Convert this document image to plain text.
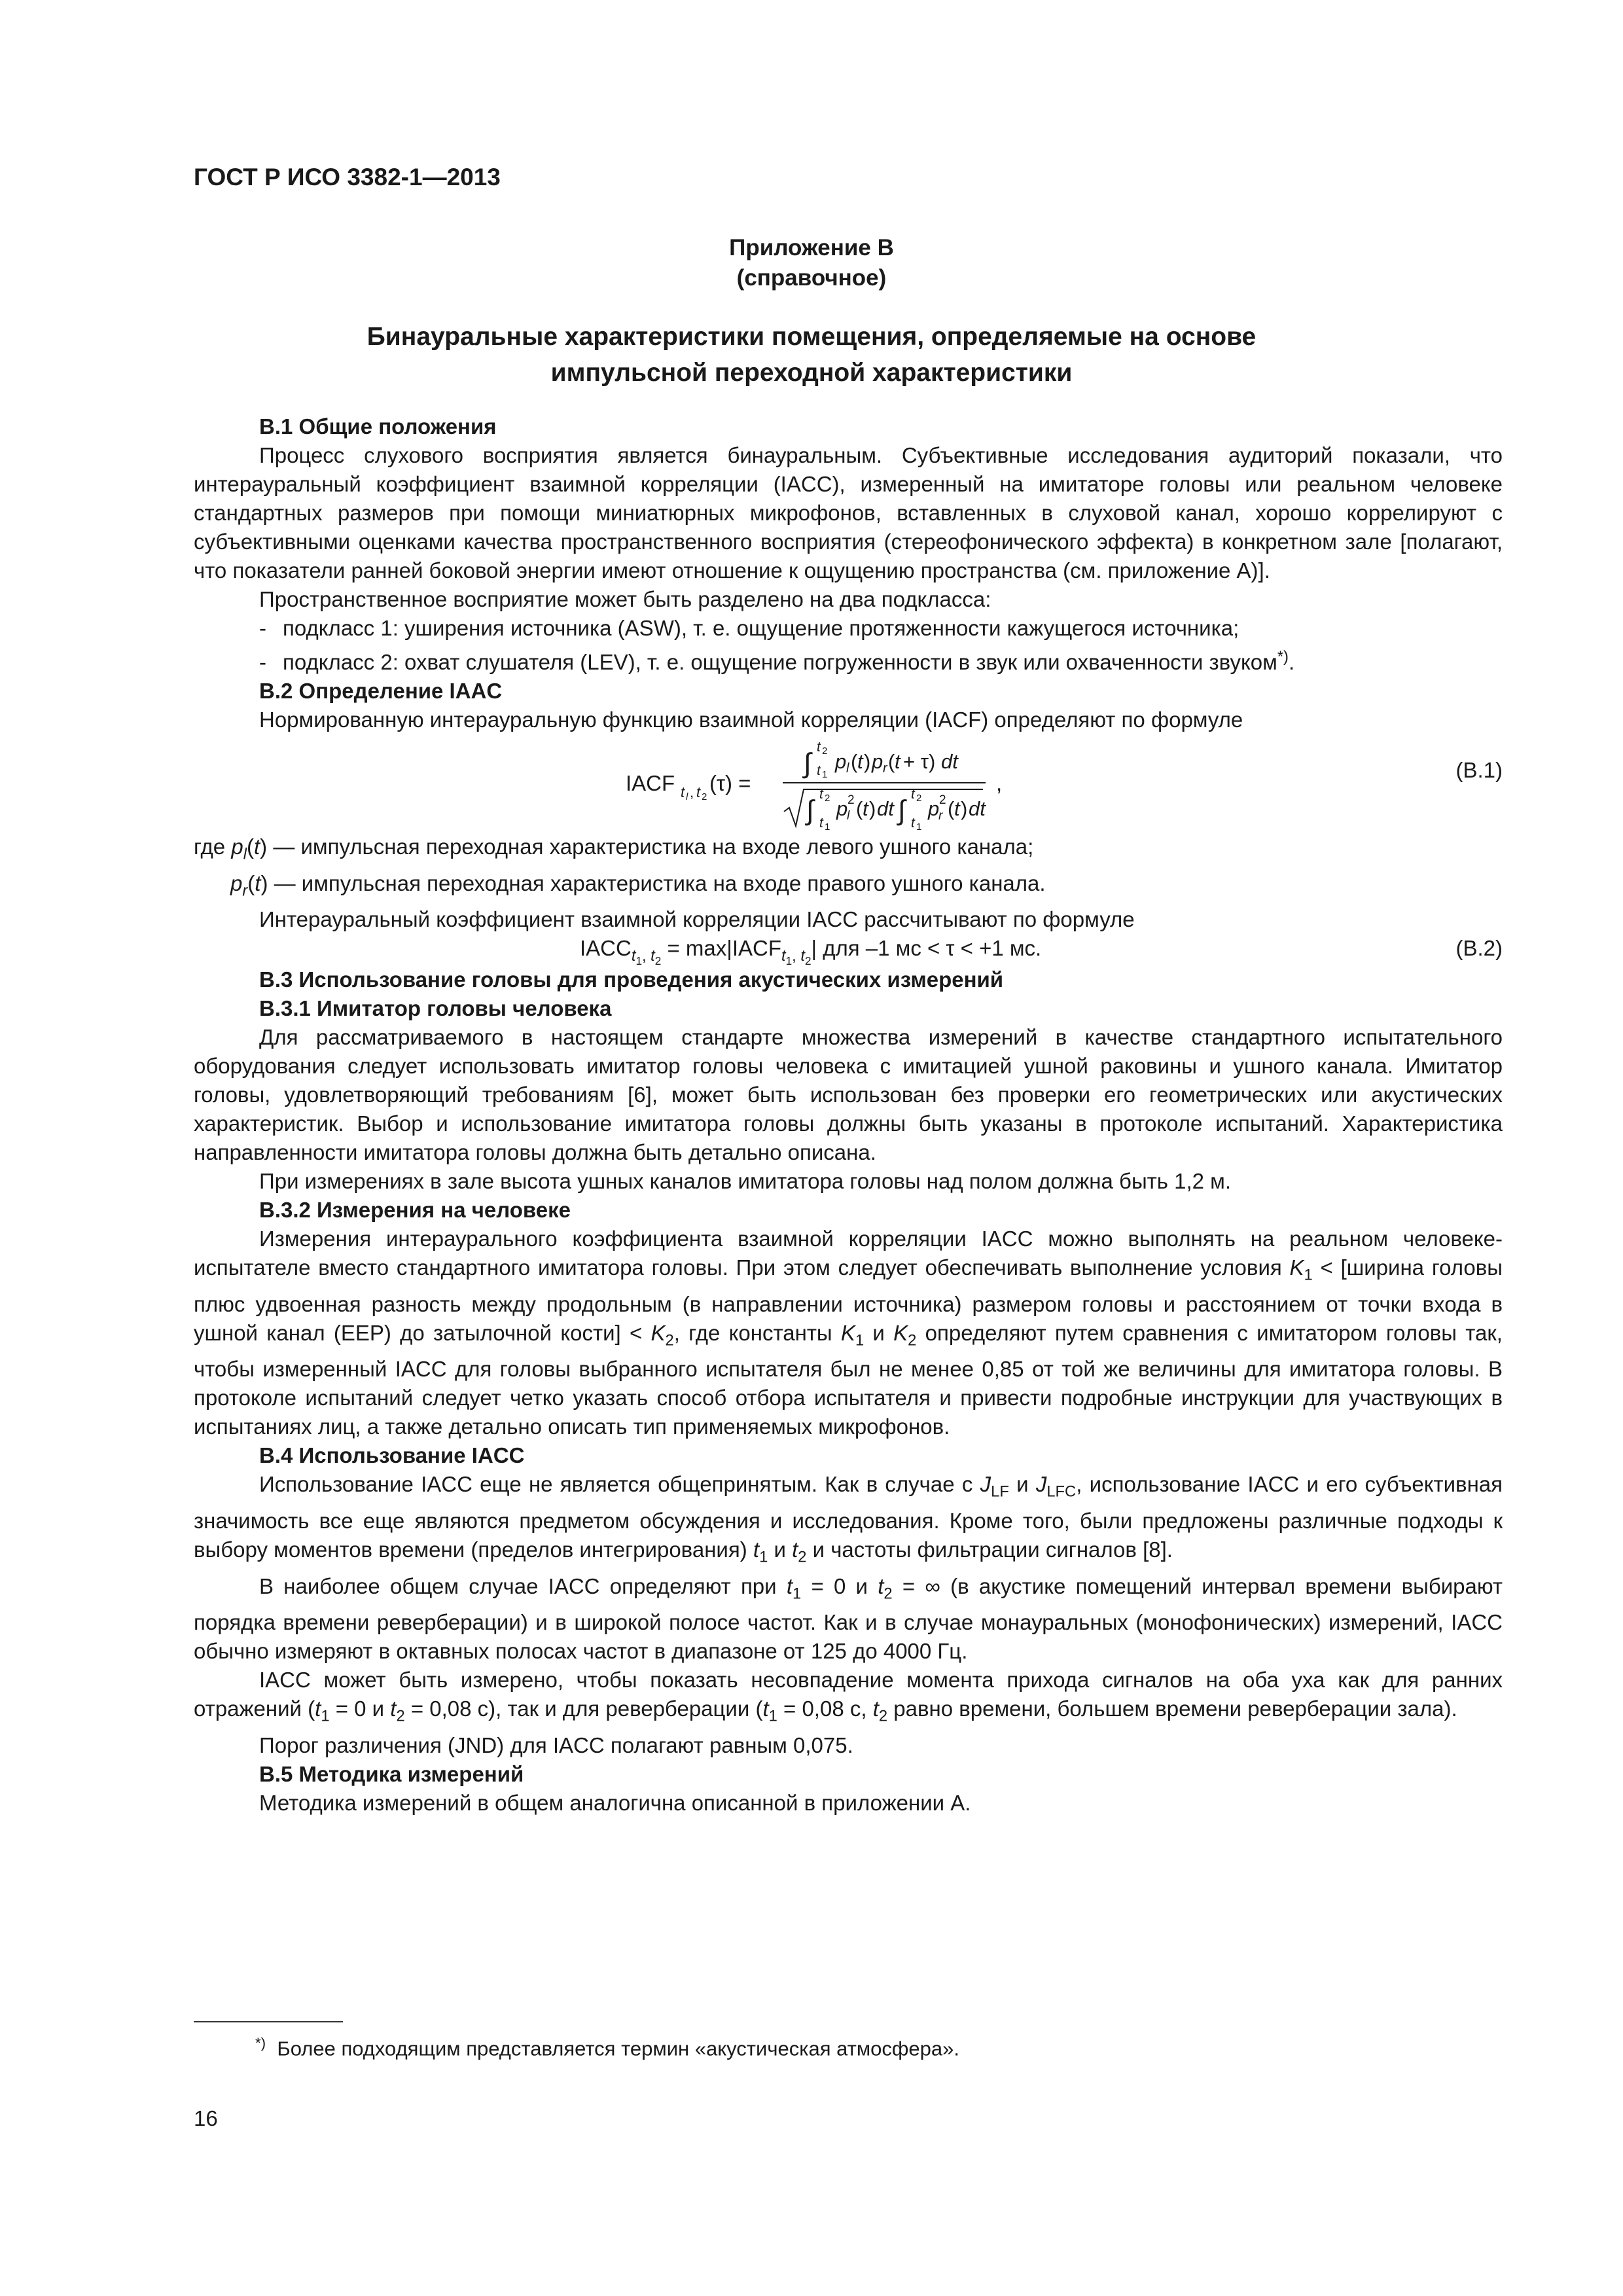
ГОСТ Р ИСО 3382-1—2013
Приложение В
(справочное)
Бинауральные характеристики помещения, определяемые на основе
импульсной переходной характеристики

В.1 Общие положения

Процесс слухового восприятия является бинауральным. Субъективные исследования аудиторий показали, что интерауральный коэффициент взаимной корреляции (IACC), измеренный на имитаторе головы или реальном человеке стандартных размеров при помощи миниатюрных микрофонов, вставленных в слуховой канал, хорошо коррелируют с субъективными оценками качества пространственного восприятия (стереофонического эффекта) в конкретном зале [полагают, что показатели ранней боковой энергии имеют отношение к ощущению пространства (см. приложение А)].

Пространственное восприятие может быть разделено на два подкласса:

- подкласс 1: уширения источника (ASW), т. е. ощущение протяженности кажущегося источника;

- подкласс 2: охват слушателя (LEV), т. е. ощущение погруженности в звук или охваченности звуком*).

В.2 Определение IAAC

Нормированную интерауральную функцию взаимной корреляции (IACF) определяют по формуле

IACF t l , t 2
(τ) =
∫
t 2
t 1
p l ( t ) p r ( t + τ) dt
∫
t 2
t 1
p 2
l ( t ) dt ∫
t 2
t 1
p 2
r ( t ) dt
,
(В.1)

где $p_l(t)$ — импульсная переходная характеристика на входе левого ушного канала;

$p_r(t)$ — импульсная переходная характеристика на входе правого ушного канала.

Интерауральный коэффициент взаимной корреляции IACC рассчитывают по формуле

$IACC_{t_1, t_2}$ = $\max|IACF_{t_1, t_2}|$ для –1 мс < τ < +1 мс.	(В.2)

В.3 Использование головы для проведения акустических измерений

В.3.1 Имитатор головы человека

Для рассматриваемого в настоящем стандарте множества измерений в качестве стандартного испытательного оборудования следует использовать имитатор головы человека с имитацией ушной раковины и ушного канала. Имитатор головы, удовлетворяющий требованиям [6], может быть использован без проверки его геометрических или акустических характеристик. Выбор и использование имитатора головы должны быть указаны в протоколе испытаний. Характеристика направленности имитатора головы должна быть детально описана.

При измерениях в зале высота ушных каналов имитатора головы над полом должна быть 1,2 м.

В.3.2 Измерения на человеке

Измерения интераурального коэффициента взаимной корреляции IACC можно выполнять на реальном человеке-испытателе вместо стандартного имитатора головы. При этом следует обеспечивать выполнение условия $K_1$ < [ширина головы плюс удвоенная разность между продольным (в направлении источника) размером головы и расстоянием от точки входа в ушной канал (EEP) до затылочной кости] < $K_2$, где константы $K_1$ и $K_2$ определяют путем сравнения с имитатором головы так, чтобы измеренный IACC для головы выбранного испытателя был не менее 0,85 от той же величины для имитатора головы. В протоколе испытаний следует четко указать способ отбора испытателя и привести подробные инструкции для участвующих в испытаниях лиц, а также детально описать тип применяемых микрофонов.

В.4 Использование IACC

Использование IACC еще не является общепринятым. Как в случае с $J_{LF}$ и $J_{LFC}$, использование IACC и его субъективная значимость все еще являются предметом обсуждения и исследования. Кроме того, были предложены различные подходы к выбору моментов времени (пределов интегрирования) $t_1$ и $t_2$ и частоты фильтрации сигналов [8].

В наиболее общем случае IACC определяют при $t_1 = 0$ и $t_2$ = ∞ (в акустике помещений интервал времени выбирают порядка времени реверберации) и в широкой полосе частот. Как и в случае монауральных (монофонических) измерений, IACC обычно измеряют в октавных полосах частот в диапазоне от 125 до 4000 Гц.

IACC может быть измерено, чтобы показать несовпадение момента прихода сигналов на оба уха как для ранних отражений ($t_1 = 0$ и $t_2 = 0,08$ с), так и для реверберации ($t_1 = 0,08$ с, $t_2$ равно времени, большем времени реверберации зала).

Порог различения (JND) для IACC полагают равным 0,075.

В.5 Методика измерений

Методика измерений в общем аналогична описанной в приложении А.

*) Более подходящим представляется термин «акустическая атмосфера».
16
